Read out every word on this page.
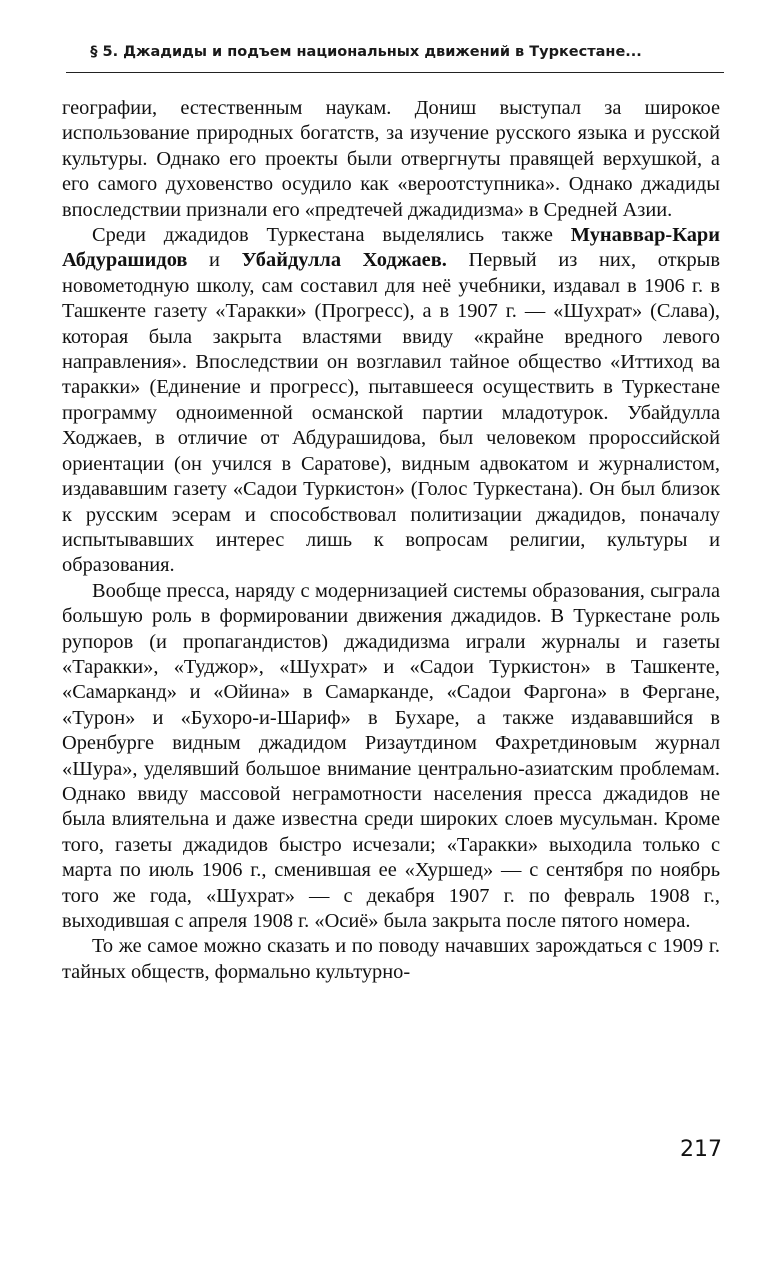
§ 5. Джадиды и подъем национальных движений в Туркестане...

географии, естественным наукам. Дониш выступал за широкое использование природных богатств, за изучение русского языка и русской культуры. Однако его проекты были отвергнуты правящей верхушкой, а его самого духовенство осудило как «вероотступника». Однако джадиды впоследствии признали его «предтечей джадидизма» в Средней Азии.

Среди джадидов Туркестана выделялись также Мунаввар-Кари Абдурашидов и Убайдулла Ходжаев. Первый из них, открыв новометодную школу, сам составил для неё учебники, издавал в 1906 г. в Ташкенте газету «Таракки» (Прогресс), а в 1907 г. — «Шухрат» (Слава), которая была закрыта властями ввиду «крайне вредного левого направления». Впоследствии он возглавил тайное общество «Иттиход ва таракки» (Единение и прогресс), пытавшееся осуществить в Туркестане программу одноименной османской партии младотурок. Убайдулла Ходжаев, в отличие от Абдурашидова, был человеком пророссийской ориентации (он учился в Саратове), видным адвокатом и журналистом, издававшим газету «Садои Туркистон» (Голос Туркестана). Он был близок к русским эсерам и способствовал политизации джадидов, поначалу испытывавших интерес лишь к вопросам религии, культуры и образования.

Вообще пресса, наряду с модернизацией системы образования, сыграла большую роль в формировании движения джадидов. В Туркестане роль рупоров (и пропагандистов) джадидизма играли журналы и газеты «Таракки», «Туджор», «Шухрат» и «Садои Туркистон» в Ташкенте, «Самарканд» и «Ойина» в Самарканде, «Садои Фаргона» в Фергане, «Турон» и «Бухоро-и-Шариф» в Бухаре, а также издававшийся в Оренбурге видным джадидом Ризаутдином Фахретдиновым журнал «Шура», уделявший большое внимание центрально-азиатским проблемам. Однако ввиду массовой неграмотности населения пресса джадидов не была влиятельна и даже известна среди широких слоев мусульман. Кроме того, газеты джадидов быстро исчезали; «Таракки» выходила только с марта по июль 1906 г., сменившая ее «Хуршед» — с сентября по ноябрь того же года, «Шухрат» — с декабря 1907 г. по февраль 1908 г., выходившая с апреля 1908 г. «Осиё» была закрыта после пятого номера.

То же самое можно сказать и по поводу начавших зарождаться с 1909 г. тайных обществ, формально культурно-

217
